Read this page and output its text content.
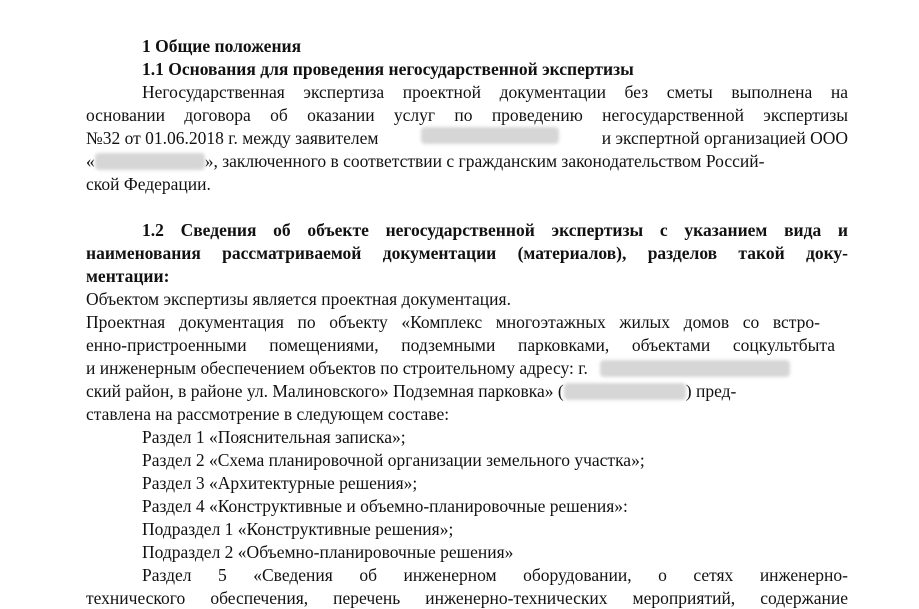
1 Общие положения
1.1 Основания для проведения негосударственной экспертизы
Негосударственная экспертиза проектной документации без сметы выполнена на
основании договора об оказании услуг по проведению негосударственной экспертизы
№32 от 01.06.2018 г. между заявителем	и экспертной организацией ООО
«	», заключенного в соответствии с гражданским законодательством Россий-
ской Федерации.
1.2 Сведения об объекте негосударственной экспертизы с указанием вида и
наименования рассматриваемой документации (материалов), разделов такой доку-
ментации:
Объектом экспертизы является проектная документация.
Проектная документация по объекту «Комплекс многоэтажных жилых домов со встро-
енно-пристроенными помещениями, подземными парковками, объектами соцкультбыта
и инженерным обеспечением объектов по строительному адресу: г.
ский район, в районе ул. Малиновского» Подземная парковка» (	) пред-
ставлена на рассмотрение в следующем составе:
Раздел 1 «Пояснительная записка»;
Раздел 2 «Схема планировочной организации земельного участка»;
Раздел 3 «Архитектурные решения»;
Раздел 4 «Конструктивные и объемно-планировочные решения»:
Подраздел 1 «Конструктивные решения»;
Подраздел 2 «Объемно-планировочные решения»
Раздел 5 «Сведения об инженерном оборудовании, о сетях инженерно-
технического обеспечения, перечень инженерно-технических мероприятий, содержание
